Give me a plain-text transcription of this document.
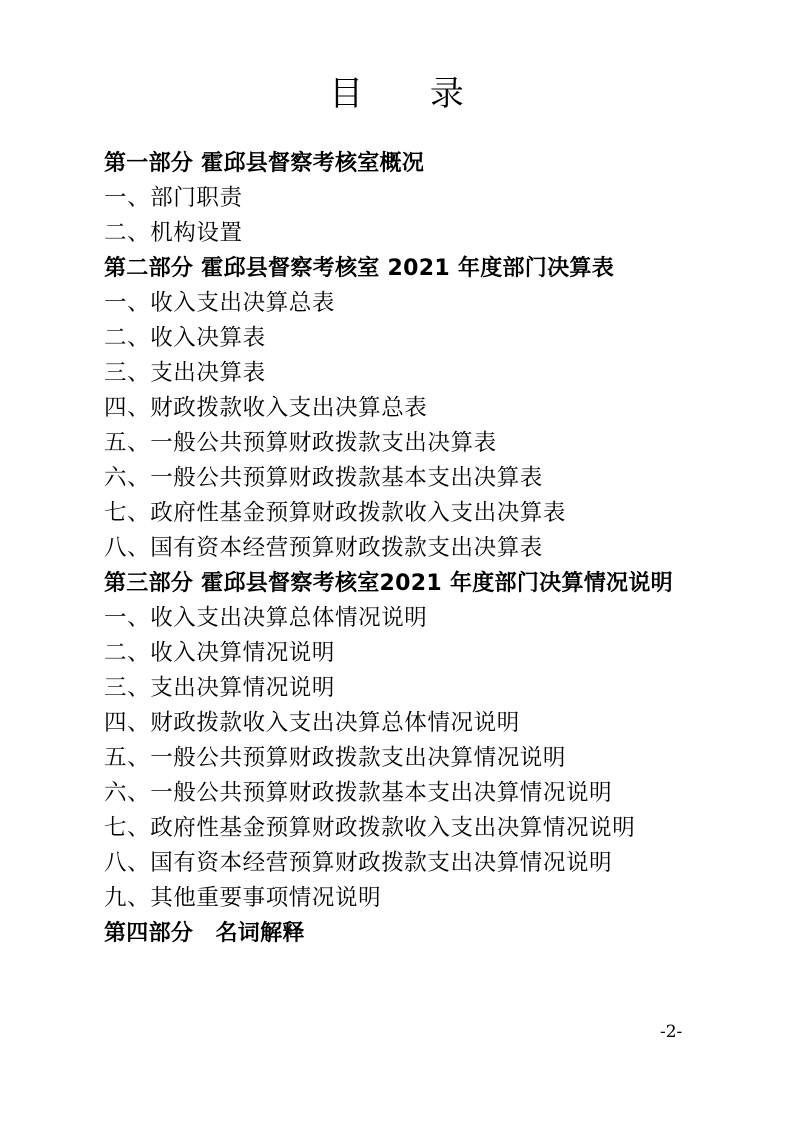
目 录
第一部分 霍邱县督察考核室概况
一、部门职责
二、机构设置
第二部分 霍邱县督察考核室 2021 年度部门决算表
一、收入支出决算总表
二、收入决算表
三、支出决算表
四、财政拨款收入支出决算总表
五、一般公共预算财政拨款支出决算表
六、一般公共预算财政拨款基本支出决算表
七、政府性基金预算财政拨款收入支出决算表
八、国有资本经营预算财政拨款支出决算表
第三部分 霍邱县督察考核室2021 年度部门决算情况说明
一、收入支出决算总体情况说明
二、收入决算情况说明
三、支出决算情况说明
四、财政拨款收入支出决算总体情况说明
五、一般公共预算财政拨款支出决算情况说明
六、一般公共预算财政拨款基本支出决算情况说明
七、政府性基金预算财政拨款收入支出决算情况说明
八、国有资本经营预算财政拨款支出决算情况说明
九、其他重要事项情况说明
第四部分　名词解释
-2-
